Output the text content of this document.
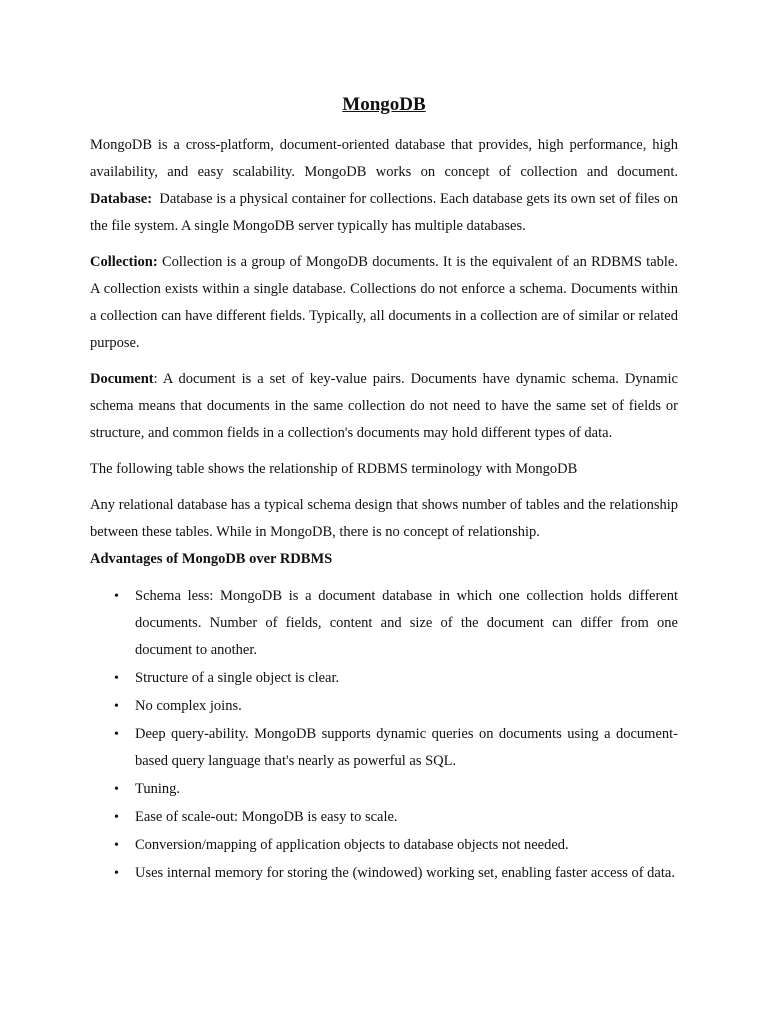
MongoDB

MongoDB is a cross-platform, document-oriented database that provides, high performance, high availability, and easy scalability. MongoDB works on concept of collection and document. Database: Database is a physical container for collections. Each database gets its own set of files on the file system. A single MongoDB server typically has multiple databases.

Collection: Collection is a group of MongoDB documents. It is the equivalent of an RDBMS table. A collection exists within a single database. Collections do not enforce a schema. Documents within a collection can have different fields. Typically, all documents in a collection are of similar or related purpose.

Document: A document is a set of key-value pairs. Documents have dynamic schema. Dynamic schema means that documents in the same collection do not need to have the same set of fields or structure, and common fields in a collection's documents may hold different types of data.

The following table shows the relationship of RDBMS terminology with MongoDB

Any relational database has a typical schema design that shows number of tables and the relationship between these tables. While in MongoDB, there is no concept of relationship.

Advantages of MongoDB over RDBMS
• Schema less: MongoDB is a document database in which one collection holds different documents. Number of fields, content and size of the document can differ from one document to another.
• Structure of a single object is clear.
• No complex joins.
• Deep query-ability. MongoDB supports dynamic queries on documents using a document-based query language that's nearly as powerful as SQL.
• Tuning.
• Ease of scale-out: MongoDB is easy to scale.
• Conversion/mapping of application objects to database objects not needed.
• Uses internal memory for storing the (windowed) working set, enabling faster access of data.
